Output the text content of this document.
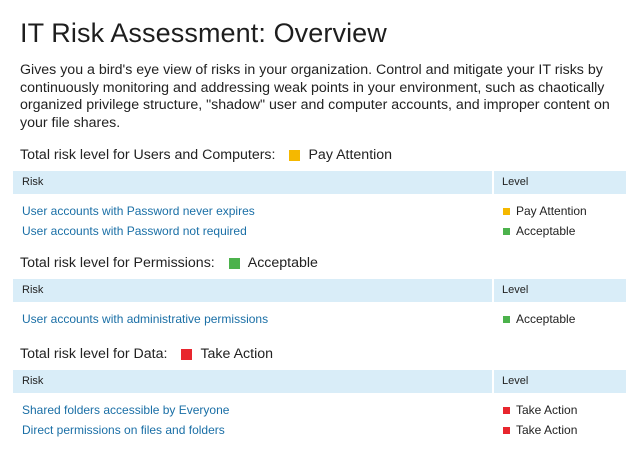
IT Risk Assessment: Overview
Gives you a bird's eye view of risks in your organization. Control and mitigate your IT risks by continuously monitoring and addressing weak points in your environment, such as chaotically organized privilege structure, "shadow" user and computer accounts, and improper content on your file shares.
Total risk level for Users and Computers: Pay Attention
Risk	Level
User accounts with Password never expires	Pay Attention
User accounts with Password not required	Acceptable
Total risk level for Permissions: Acceptable
Risk	Level
User accounts with administrative permissions	Acceptable
Total risk level for Data: Take Action
Risk	Level
Shared folders accessible by Everyone	Take Action
Direct permissions on files and folders	Take Action
